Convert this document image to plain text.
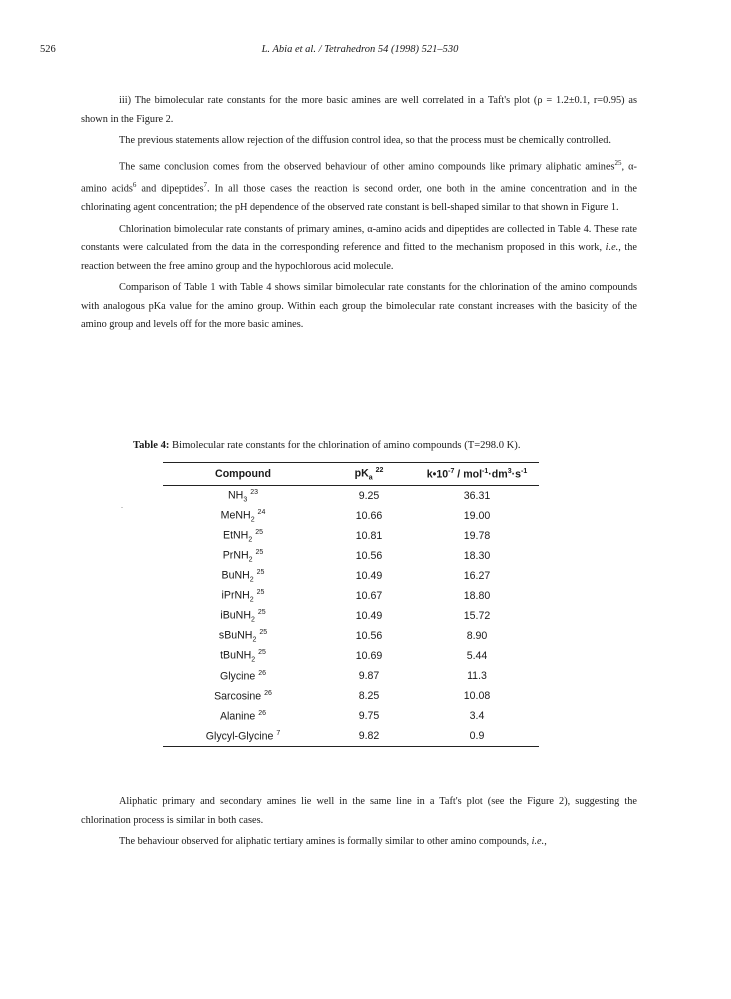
526	L. Abia et al. / Tetrahedron 54 (1998) 521–530

iii) The bimolecular rate constants for the more basic amines are well correlated in a Taft's plot (ρ = 1.2±0.1, r=0.95) as shown in the Figure 2.

The previous statements allow rejection of the diffusion control idea, so that the process must be chemically controlled.

The same conclusion comes from the observed behaviour of other amino compounds like primary aliphatic amines$^{25}$, α-amino acids$^6$ and dipeptides$^7$. In all those cases the reaction is second order, one both in the amine concentration and in the chlorinating agent concentration; the pH dependence of the observed rate constant is bell-shaped similar to that shown in Figure 1.

Chlorination bimolecular rate constants of primary amines, α-amino acids and dipeptides are collected in Table 4. These rate constants were calculated from the data in the corresponding reference and fitted to the mechanism proposed in this work, i.e., the reaction between the free amino group and the hypochlorous acid molecule.

Comparison of Table 1 with Table 4 shows similar bimolecular rate constants for the chlorination of the amino compounds with analogous pKa value for the amino group. Within each group the bimolecular rate constant increases with the basicity of the amino group and levels off for the more basic amines.

Table 4: Bimolecular rate constants for the chlorination of amino compounds (T=298.0 K).
.
Compound	$pK_a$ $^{22}$	$k•10^{-7} / mol^{-1}\cdot dm^3\cdot s^{-1}$
$NH_3$ $^{23}$	9.25	36.31
MeNH$_2$ $^{24}$	10.66	19.00
EtNH$_2$ $^{25}$	10.81	19.78
PrNH$_2$ $^{25}$	10.56	18.30
BuNH$_2$ $^{25}$	10.49	16.27
iPrNH$_2$ $^{25}$	10.67	18.80
iBuNH$_2$ $^{25}$	10.49	15.72
sBuNH$_2$ $^{25}$	10.56	8.90
tBuNH$_2$ $^{25}$	10.69	5.44
Glycine $^{26}$	9.87	11.3
Sarcosine $^{26}$	8.25	10.08
Alanine $^{26}$	9.75	3.4
Glycyl-Glycine $^7$	9.82	0.9

Aliphatic primary and secondary amines lie well in the same line in a Taft's plot (see the Figure 2), suggesting the chlorination process is similar in both cases.

The behaviour observed for aliphatic tertiary amines is formally similar to other amino compounds, i.e.,
